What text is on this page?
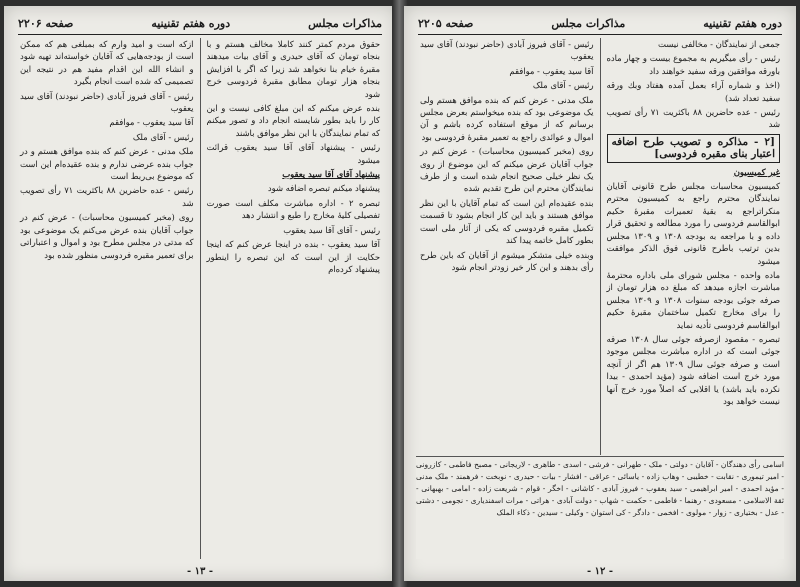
مذاکرات مجلس
دوره هفتم تقنینیه
صفحه ۲۲۰۶

حقوق مردم کمتر کنند کاملا مخالف هستم و با بنجاه تومان که آقای حیدری و آقای بیات میدهند مقبرهٔ خیام بنا نخواهد شد زیرا که اگر با افزایش بنجاه هزار تومان مطابق مقبرهٔ فردوسی خرج شود

بنده عرض میکنم که این مبلغ کافی نیست و این کار را باید بطور شایسته انجام داد و تصور میکنم که تمام نمایندگان با این نظر موافق باشند

رئیس - پیشنهاد آقای آقا سید یعقوب قرائت میشود

پیشنهاد آقای آقا سید یعقوب

پیشنهاد میکنم تبصره اضافه شود

تبصره ۲ - اداره مباشرت مکلف است صورت تفصیلی کلیهٔ مخارج را طبع و انتشار دهد

رئیس - آقای آقا سید یعقوب

آقا سید یعقوب - بنده در اینجا عرض کنم که اینجا حکایت از این است که این تبصره را اینطور پیشنهاد کرده‌ام

ازکه است و امید وارم که بمبلغی هم که ممکن است از بودجه‌هایی که آقایان خواسته‌اند تهیه شود و انشاء الله این اقدام مفید هم در نتیجه این تصمیمی که شده است انجام بگیرد

رئیس - آقای فیروز آبادی (حاضر نبودند) آقای سید یعقوب

آقا سید یعقوب - موافقم

رئیس - آقای ملک

ملک مدنی - عرض کنم که بنده موافق هستم و در جواب بنده عرضی ندارم و بنده عقیده‌ام این است که موضوع بی‌ربط است

رئیس - عده حاضرین ۸۸ باکثریت ۷۱ رأی تصویب شد

روی (مخبر کمیسیون محاسبات) - عرض کنم در جواب آقایان بنده عرض می‌کنم یک موضوعی بود که مدتی در مجلس مطرح بود و اموال و اعتباراتی برای تعمیر مقبره فردوسی منظور شده بود

- ۱۳ -
دوره هفتم تقنینیه
مذاکرات مجلس
صفحه ۲۲۰۵

جمعی از نمایندگان - مخالفی نیست

رئیس - رأی میگیریم به مجموع بیست و چهار ماده باورقه موافقین ورقه سفید خواهند داد

(اخذ و شماره آراء بعمل آمده هفتاد وبك ورقه سفید تعداد شد)

رئیس - عده حاضرین ۸۸ باکثریت ۷۱ رأی تصویب شد

[۲ - مذاکره و تصویب طرح اضافه اعتبار بنای مقبره فردوسی]

غیر کمیسیون

کمیسیون محاسبات مجلس طرح قانونی آقایان نمایندگان محترم راجع به کمیسیون محترم منکراتراجع به بقیهٔ تعمیرات مقبرهٔ حکیم ابوالقاسم فردوسی را مورد مطالعه و تحقیق قرار داده و با مراجعه به بودجه ۱۳۰۸ و ۱۳۰۹ مجلس بدین ترتیب باطرح قانونی فوق الذکر موافقت میشود

ماده واحده - مجلس شورای ملی باداره محترمهٔ مباشرت اجازه میدهد که مبلغ ده هزار تومان از صرفه جوئی بودجه سنوات ۱۳۰۸ و ۱۳۰۹ مجلس را برای مخارج تکمیل ساختمان مقبرهٔ حکیم ابوالقاسم فردوسی تأدیه نماید

تبصره - مقصود ازصرفه جوئی سال ۱۳۰۸ صرفه جوئی است که در اداره مباشرت مجلس موجود است و صرفه جوئی سال ۱۳۰۹ هم اگر از آنچه مورد خرج است اضافه شود (مؤید احمدی - بیدا نکرده باید باشد) یا اقلابی که اصلاً مورد خرج آنها نیست خواهد بود

رئیس - آقای فیروز آبادی (حاضر نبودند) آقای سید یعقوب

آقا سید یعقوب - موافقم

رئیس - آقای ملک

ملک مدنی - عرض کنم که بنده موافق هستم ولی یک موضوعی بود که بنده میخواستم بعرض مجلس برسانم که از موقع استفاده کرده باشم و آن اموال و عوائدی راجع به تعمیر مقبرهٔ فردوسی بود

روی (مخبر کمیسیون محاسبات) - عرض کنم در جواب آقایان عرض میکنم که این موضوع از روی یک نظر خیلی صحیح انجام شده است و از طرف نمایندگان محترم این طرح تقدیم شده

بنده عقیده‌ام این است که تمام آقایان با این نظر موافق هستند و باید این کار انجام بشود تا قسمت تکمیل مقبره فردوسی که یکی از آثار ملی است بطور کامل خاتمه پیدا کند

وبنده خیلی متشکر میشوم از آقایان که باین طرح رأی بدهند و این کار خیر زودتر انجام شود

اسامی رأی دهندگان - آقایان - دولتی - ملک - طهرانی - فرشی - اسدی - طاهری - لاریجانی - مصبح فاطمی - کازرونی - امیر تیموری - نقابت - خطیبی - وهاب زاده - یاسائی - عراقی - افشار - بیات - حیدری - نوبخت - فرهمند - ملک مدنی - مؤید احمدی - امیر ابراهیمی - سید یعقوب - فیروز آبادی - کاشانی - اخگر - قوام - شریعت زاده - امامی - بهبهانی - ثقة الاسلامی - مسعودی - رهنما - فاطمی - حکمت - شهاب - دولت آبادی - هراتی - مرات اسفندیاری - نجومی - دشتی - عدل - بختیاری - زوار - مولوی - افخمی - دادگر - کی استوان - وکیلی - سیدین - ذکاء الملک
- ۱۲ -
